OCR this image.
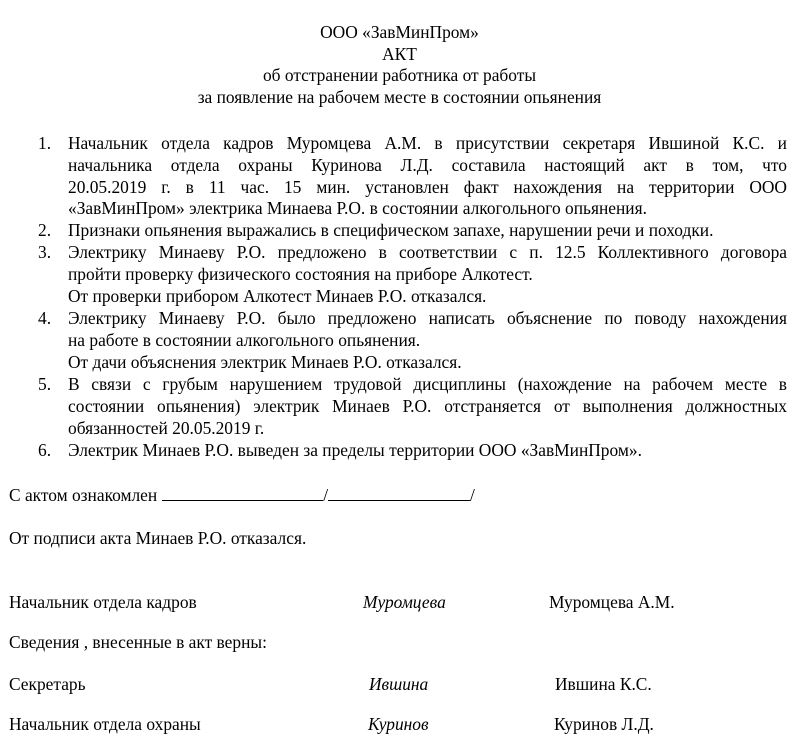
ООО «ЗавМинПром»
АКТ
об отстранении работника от работы
за появление на рабочем месте в состоянии опьянения
1. Начальник отдела кадров Муромцева А.М. в присутствии секретаря Ившиной К.С. и
начальника отдела охраны Куринова Л.Д. составила настоящий акт в том, что
20.05.2019 г. в 11 час. 15 мин. установлен факт нахождения на территории ООО
«ЗавМинПром» электрика Минаева Р.О. в состоянии алкогольного опьянения.
2. Признаки опьянения выражались в специфическом запахе, нарушении речи и походки.
3. Электрику Минаеву Р.О. предложено в соответствии с п. 12.5 Коллективного договора
пройти проверку физического состояния на приборе Алкотест.
От проверки прибором Алкотест Минаев Р.О. отказался.
4. Электрику Минаеву Р.О. было предложено написать объяснение по поводу нахождения
на работе в состоянии алкогольного опьянения.
От дачи объяснения электрик Минаев Р.О. отказался.
5. В связи с грубым нарушением трудовой дисциплины (нахождение на рабочем месте в
состоянии опьянения) электрик Минаев Р.О. отстраняется от выполнения должностных
обязанностей 20.05.2019 г.
6. Электрик Минаев Р.О. выведен за пределы территории ООО «ЗавМинПром».
С актом ознакомлен	/	/
От подписи акта Минаев Р.О. отказался.
Начальник отдела кадров	Муромцева	Муромцева А.М.
Сведения , внесенные в акт верны:
Секретарь	Ившина	Ившина К.С.
Начальник отдела охраны	Куринов	Куринов Л.Д.
